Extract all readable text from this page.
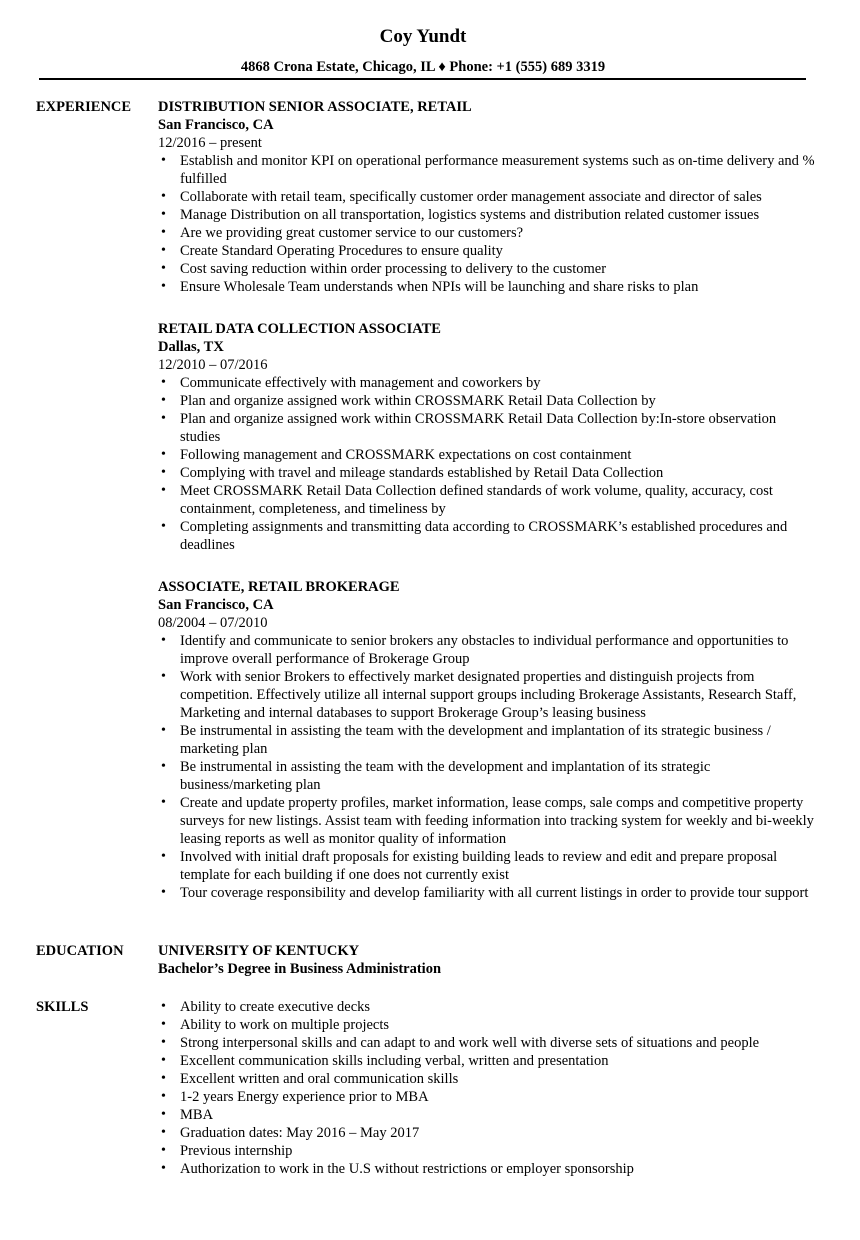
Coy Yundt
4868 Crona Estate, Chicago, IL ♦ Phone: +1 (555) 689 3319
EXPERIENCE DISTRIBUTION SENIOR ASSOCIATE, RETAIL
San Francisco, CA
12/2016 – present
• Establish and monitor KPI on operational performance measurement systems such as on-time delivery and % fulfilled
• Collaborate with retail team, specifically customer order management associate and director of sales
• Manage Distribution on all transportation, logistics systems and distribution related customer issues
• Are we providing great customer service to our customers?
• Create Standard Operating Procedures to ensure quality
• Cost saving reduction within order processing to delivery to the customer
• Ensure Wholesale Team understands when NPIs will be launching and share risks to plan
RETAIL DATA COLLECTION ASSOCIATE
Dallas, TX
12/2010 – 07/2016
• Communicate effectively with management and coworkers by
• Plan and organize assigned work within CROSSMARK Retail Data Collection by
• Plan and organize assigned work within CROSSMARK Retail Data Collection by:In-store observation studies
• Following management and CROSSMARK expectations on cost containment
• Complying with travel and mileage standards established by Retail Data Collection
• Meet CROSSMARK Retail Data Collection defined standards of work volume, quality, accuracy, cost containment, completeness, and timeliness by
• Completing assignments and transmitting data according to CROSSMARK’s established procedures and deadlines
ASSOCIATE, RETAIL BROKERAGE
San Francisco, CA
08/2004 – 07/2010
• Identify and communicate to senior brokers any obstacles to individual performance and opportunities to improve overall performance of Brokerage Group
• Work with senior Brokers to effectively market designated properties and distinguish projects from competition. Effectively utilize all internal support groups including Brokerage Assistants, Research Staff, Marketing and internal databases to support Brokerage Group’s leasing business
• Be instrumental in assisting the team with the development and implantation of its strategic business / marketing plan
• Be instrumental in assisting the team with the development and implantation of its strategic business/marketing plan
• Create and update property profiles, market information, lease comps, sale comps and competitive property surveys for new listings. Assist team with feeding information into tracking system for weekly and bi-weekly leasing reports as well as monitor quality of information
• Involved with initial draft proposals for existing building leads to review and edit and prepare proposal template for each building if one does not currently exist
• Tour coverage responsibility and develop familiarity with all current listings in order to provide tour support
EDUCATION UNIVERSITY OF KENTUCKY
Bachelor’s Degree in Business Administration
SKILLS
•	Ability to create executive decks
• Ability to work on multiple projects
• Strong interpersonal skills and can adapt to and work well with diverse sets of situations and people
• Excellent communication skills including verbal, written and presentation
• Excellent written and oral communication skills
• 1-2 years Energy experience prior to MBA
• MBA
• Graduation dates: May 2016 – May 2017
• Previous internship
• Authorization to work in the U.S without restrictions or employer sponsorship
